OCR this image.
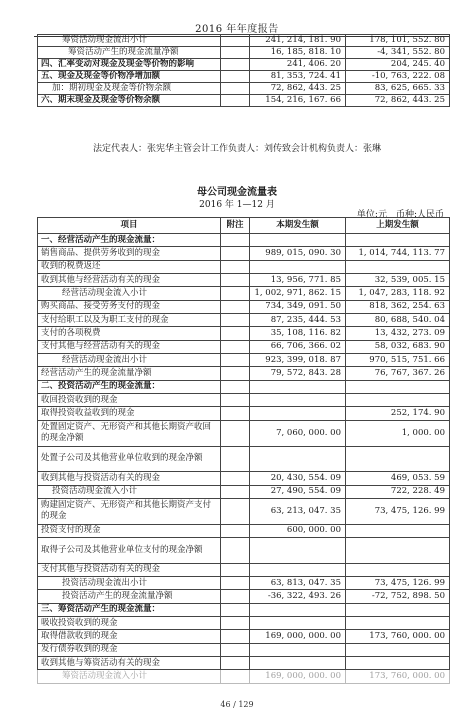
2016 年年度报告
筹资活动现金流出小计		241, 214, 181. 90	178, 101, 552. 80
筹资活动产生的现金流量净额		16, 185, 818. 10	-4, 341, 552. 80
四、汇率变动对现金及现金等价物的影响		241, 406. 20	204, 245. 40
五、现金及现金等价物净增加额		81, 353, 724. 41	-10, 763, 222. 08
加：期初现金及现金等价物余额		72, 862, 443. 25	83, 625, 665. 33
六、期末现金及现金等价物余额		154, 216, 167. 66	72, 862, 443. 25
法定代表人：张宪华主管会计工作负责人：刘传致会计机构负责人：张琳
母公司现金流量表
2016 年 1—12 月
单位:元　币种:人民币
项目	附注	本期发生额	上期发生额
一、经营活动产生的现金流量：			
销售商品、提供劳务收到的现金		989, 015, 090. 30	1, 014, 744, 113. 77
收到的税费返还			
收到其他与经营活动有关的现金		13, 956, 771. 85	32, 539, 005. 15
经营活动现金流入小计		1, 002, 971, 862. 15	1, 047, 283, 118. 92
购买商品、接受劳务支付的现金		734, 349, 091. 50	818, 362, 254. 63
支付给职工以及为职工支付的现金		87, 235, 444. 53	80, 688, 540. 04
支付的各项税费		35, 108, 116. 82	13, 432, 273. 09
支付其他与经营活动有关的现金		66, 706, 366. 02	58, 032, 683. 90
经营活动现金流出小计		923, 399, 018. 87	970, 515, 751. 66
经营活动产生的现金流量净额		79, 572, 843. 28	76, 767, 367. 26
二、投资活动产生的现金流量：			
收回投资收到的现金			
取得投资收益收到的现金			252, 174. 90
处置固定资产、无形资产和其他长期资产收回的现金净额		7, 060, 000. 00	1, 000. 00
处置子公司及其他营业单位收到的现金净额			
收到其他与投资活动有关的现金		20, 430, 554. 09	469, 053. 59
投资活动现金流入小计		27, 490, 554. 09	722, 228. 49
购建固定资产、无形资产和其他长期资产支付的现金		63, 213, 047. 35	73, 475, 126. 99
投资支付的现金		600, 000. 00	
取得子公司及其他营业单位支付的现金净额			
支付其他与投资活动有关的现金			
投资活动现金流出小计		63, 813, 047. 35	73, 475, 126. 99
投资活动产生的现金流量净额		-36, 322, 493. 26	-72, 752, 898. 50
三、筹资活动产生的现金流量：			
吸收投资收到的现金			
取得借款收到的现金		169, 000, 000. 00	173, 760, 000. 00
发行债券收到的现金			
收到其他与筹资活动有关的现金			
筹资活动现金流入小计		169, 000, 000. 00	173, 760, 000. 00
46 / 129
